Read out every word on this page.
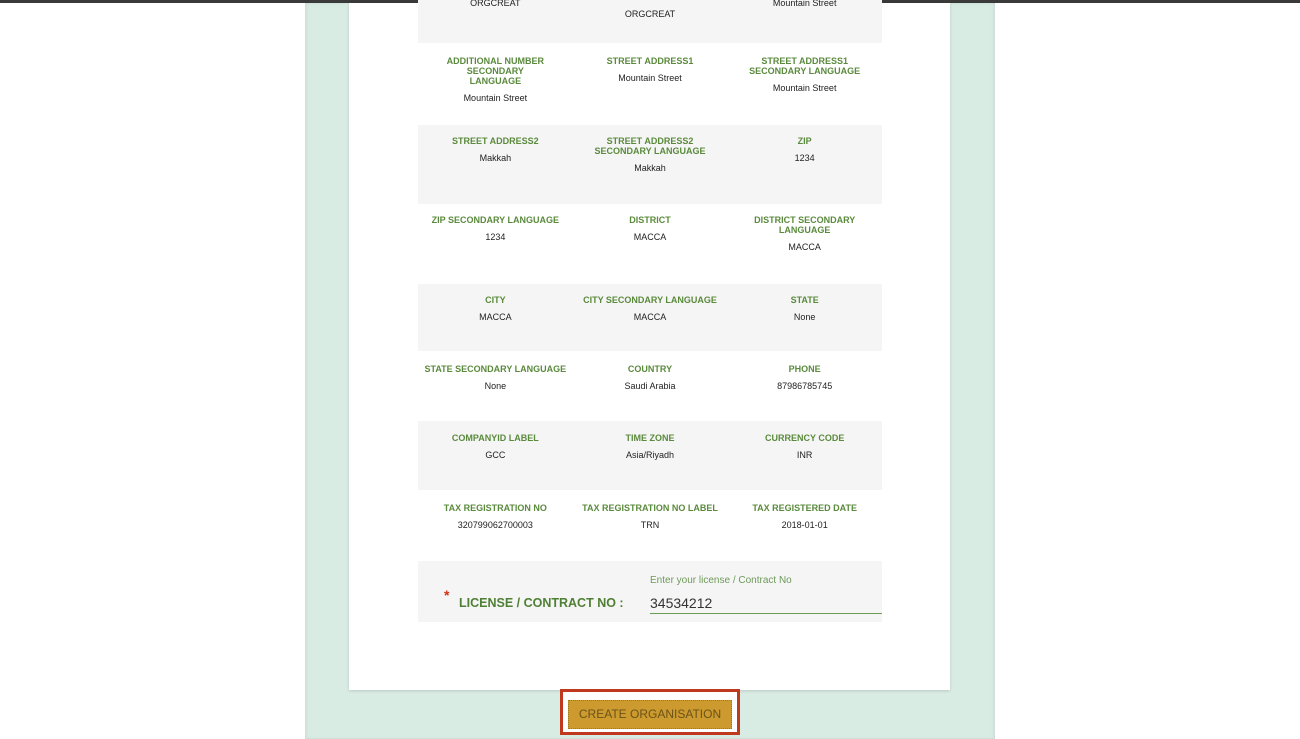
ORGCREAT
ORGCREAT
Mountain Street
ADDITIONAL NUMBER SECONDARY LANGUAGE
Mountain Street
STREET ADDRESS1
Mountain Street
STREET ADDRESS1 SECONDARY LANGUAGE
Mountain Street
STREET ADDRESS2
Makkah
STREET ADDRESS2 SECONDARY LANGUAGE
Makkah
ZIP
1234
ZIP SECONDARY LANGUAGE
1234
DISTRICT
MACCA
DISTRICT SECONDARY LANGUAGE
MACCA
CITY
MACCA
CITY SECONDARY LANGUAGE
MACCA
STATE
None
STATE SECONDARY LANGUAGE
None
COUNTRY
Saudi Arabia
PHONE
87986785745
COMPANYID LABEL
GCC
TIME ZONE
Asia/Riyadh
CURRENCY CODE
INR
TAX REGISTRATION NO
320799062700003
TAX REGISTRATION NO LABEL
TRN
TAX REGISTERED DATE
2018-01-01
* LICENSE / CONTRACT NO :
Enter your license / Contract No
34534212
CREATE ORGANISATION
